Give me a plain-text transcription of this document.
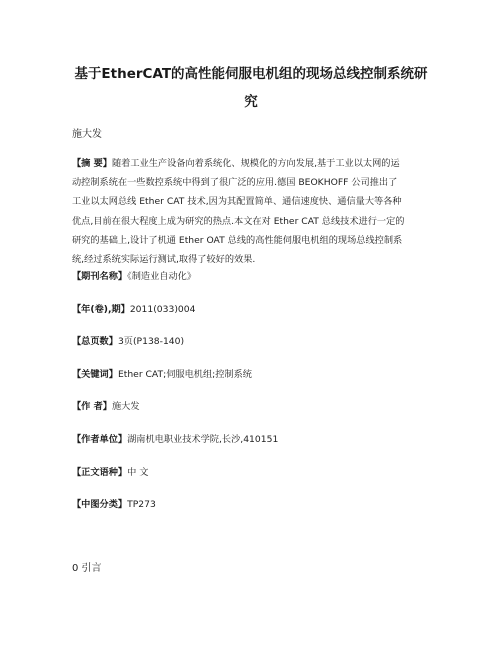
基于EtherCAT的高性能伺服电机组的现场总线控制系统研
究
施大发
【摘 要】随着工业生产设备向着系统化、规模化的方向发展,基于工业以太网的运
动控制系统在一些数控系统中得到了很广泛的应用.德国 BEOKHOFF 公司推出了
工业以太网总线 Ether CAT 技术,因为其配置简单、通信速度快、通信量大等各种
优点,目前在很大程度上成为研究的热点.本文在对 Ether CAT 总线技术进行一定的
研究的基础上,设计了机通 Ether OAT 总线的高性能伺服电机组的现场总线控制系
统,经过系统实际运行测试,取得了较好的效果.
【期刊名称】《制造业自动化》
【年(卷),期】2011(033)004
【总页数】3页(P138-140)
【关键词】Ether CAT;伺服电机组;控制系统
【作 者】施大发
【作者单位】湖南机电职业技术学院,长沙,410151
【正文语种】中 文
【中图分类】TP273
0 引言
